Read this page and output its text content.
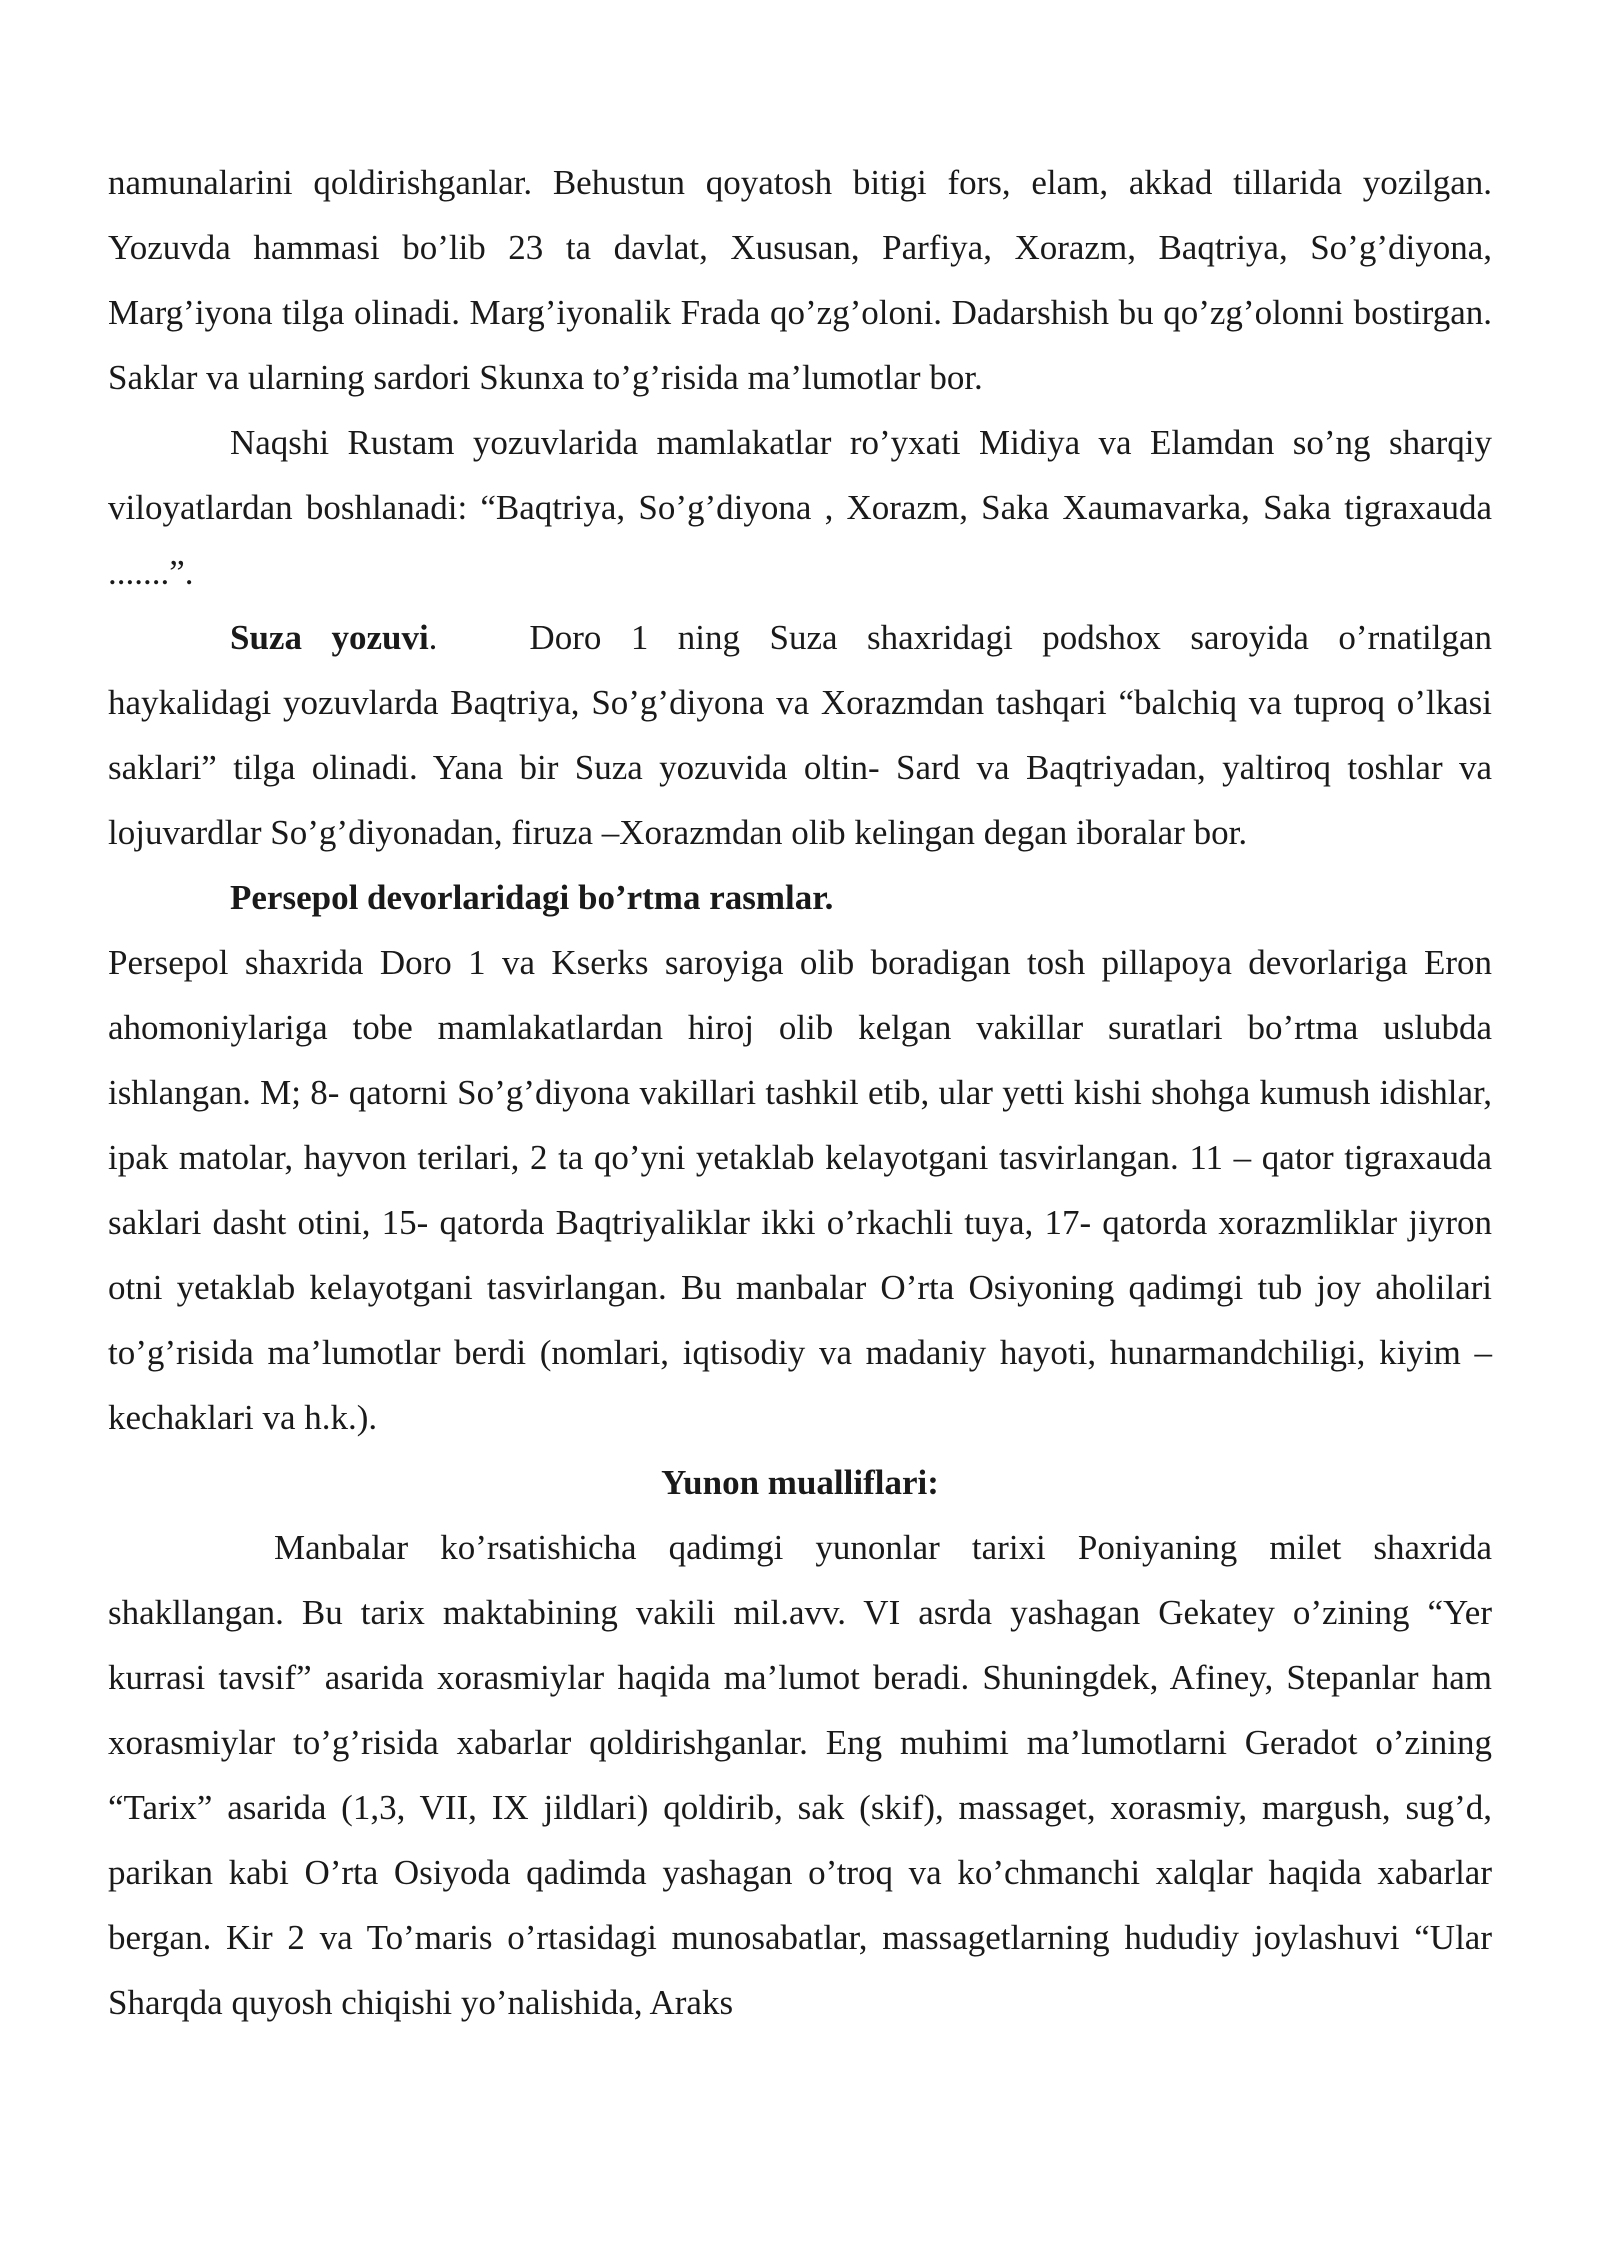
namunalarini qoldirishganlar. Behustun qoyatosh bitigi fors, elam, akkad tillarida yozilgan. Yozuvda hammasi bo’lib 23 ta davlat, Xususan, Parfiya, Xorazm, Baqtriya, So’g’diyona, Marg’iyona tilga olinadi. Marg’iyonalik Frada qo’zg’oloni. Dadarshish bu qo’zg’olonni bostirgan. Saklar va ularning sardori Skunxa to’g’risida ma’lumotlar bor.

Naqshi Rustam yozuvlarida mamlakatlar ro’yxati Midiya va Elamdan so’ng sharqiy viloyatlardan boshlanadi: “Baqtriya, So’g’diyona , Xorazm, Saka Xaumavarka, Saka tigraxauda .......”.

Suza yozuvi.	Doro 1 ning Suza shaxridagi podshox saroyida o’rnatilgan haykalidagi yozuvlarda Baqtriya, So’g’diyona va Xorazmdan tashqari “balchiq va tuproq o’lkasi saklari” tilga olinadi. Yana bir Suza yozuvida oltin- Sard va Baqtriyadan, yaltiroq toshlar va lojuvardlar So’g’diyonadan, firuza –Xorazmdan olib kelingan degan iboralar bor.

Persepol devorlaridagi bo’rtma rasmlar.

Persepol shaxrida Doro 1 va Kserks saroyiga olib boradigan tosh pillapoya devorlariga Eron ahomoniylariga tobe mamlakatlardan hiroj olib kelgan vakillar suratlari bo’rtma uslubda ishlangan. M; 8- qatorni So’g’diyona vakillari tashkil etib, ular yetti kishi shohga kumush idishlar, ipak matolar, hayvon terilari, 2 ta qo’yni yetaklab kelayotgani tasvirlangan. 11 – qator tigraxauda saklari dasht otini, 15- qatorda Baqtriyaliklar ikki o’rkachli tuya, 17- qatorda xorazmliklar jiyron otni yetaklab kelayotgani tasvirlangan. Bu manbalar O’rta Osiyoning qadimgi tub joy aholilari to’g’risida ma’lumotlar berdi (nomlari, iqtisodiy va madaniy hayoti, hunarmandchiligi, kiyim – kechaklari va h.k.).

Yunon mualliflari:

Manbalar ko’rsatishicha qadimgi yunonlar tarixi Poniyaning milet shaxrida shakllangan. Bu tarix maktabining vakili mil.avv. VI asrda yashagan Gekatey o’zining “Yer kurrasi tavsif” asarida xorasmiylar haqida ma’lumot beradi. Shuningdek, Afiney, Stepanlar ham xorasmiylar to’g’risida xabarlar qoldirishganlar. Eng muhimi ma’lumotlarni Geradot o’zining “Tarix” asarida (1,3, VII, IX jildlari) qoldirib, sak (skif), massaget, xorasmiy, margush, sug’d, parikan kabi O’rta Osiyoda qadimda yashagan o’troq va ko’chmanchi xalqlar haqida xabarlar bergan. Kir 2 va To’maris o’rtasidagi munosabatlar, massagetlarning hududiy joylashuvi “Ular Sharqda quyosh chiqishi yo’nalishida, Araks
